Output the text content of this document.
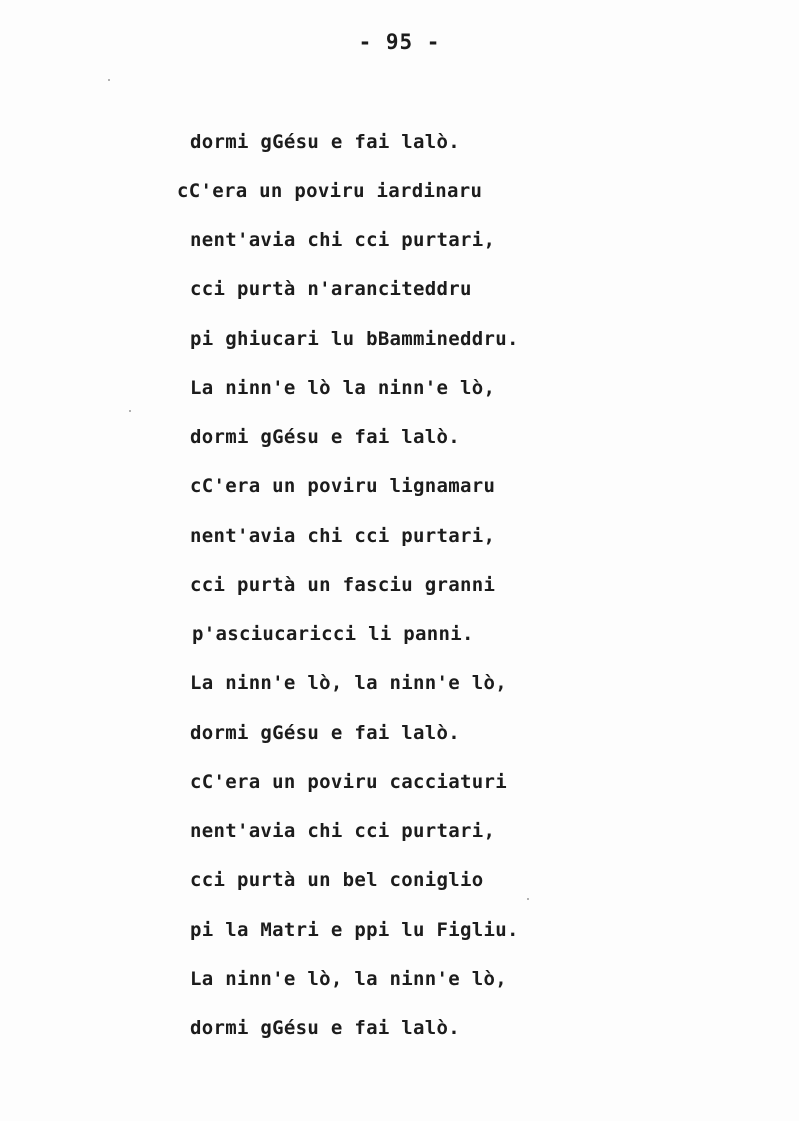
- 95 -
dormi gGésu e fai lalò.
cC'era un poviru iardinaru
nent'avia chi cci purtari,
cci purtà n'aranciteddru
pi ghiucari lu bBammineddru.
La ninn'e lò la ninn'e lò,
dormi gGésu e fai lalò.
cC'era un poviru lignamaru
nent'avia chi cci purtari,
cci purtà un fasciu granni
p'asciucaricci li panni.
La ninn'e lò, la ninn'e lò,
dormi gGésu e fai lalò.
cC'era un poviru cacciaturi
nent'avia chi cci purtari,
cci purtà un bel coniglio
pi la Matri e ppi lu Figliu.
La ninn'e lò, la ninn'e lò,
dormi gGésu e fai lalò.
